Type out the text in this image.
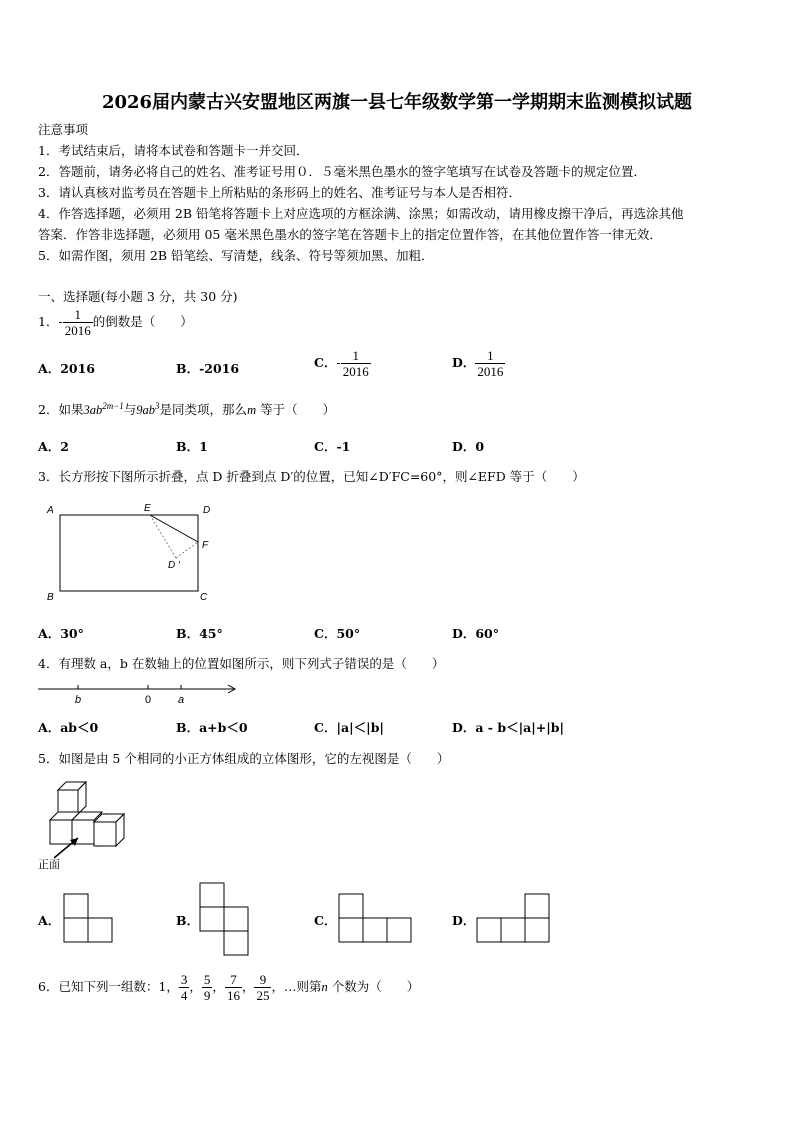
2026届内蒙古兴安盟地区两旗一县七年级数学第一学期期末监测模拟试题
注意事项
1．考试结束后，请将本试卷和答题卡一并交回．
2．答题前，请务必将自己的姓名、准考证号用０．５毫米黑色墨水的签字笔填写在试卷及答题卡的规定位置．
3．请认真核对监考员在答题卡上所粘贴的条形码上的姓名、准考证号与本人是否相符．
4．作答选择题，必须用 2B 铅笔将答题卡上对应选项的方框涂满、涂黑；如需改动，请用橡皮擦干净后，再选涂其他
答案．作答非选择题，必须用 05 毫米黑色墨水的签字笔在答题卡上的指定位置作答，在其他位置作答一律无效．
5．如需作图，须用 2B 铅笔绘、写清楚，线条、符号等须加黑、加粗．
一、选择题(每小题 3 分，共 30 分)
1．- $\frac{1}{2016}$ 的倒数是（　　）
A．2016	B．-2016	C．- $\frac{1}{2016}$	D． $\frac{1}{2016}$
2．如果$3ab^{2m-1}$与$9ab^3$是同类项，那么m 等于（　　）
A．2	B．1	C．-1	D．0
3．长方形按下图所示折叠，点 D 折叠到点 D′的位置，已知∠D′FC=60°，则∠EFD 等于（　　）
A	E	D
F
D ′
B	C
A．30°	B．45°	C．50°	D．60°
4．有理数 a，b 在数轴上的位置如图所示，则下列式子错误的是（　　）
b	0 a
A．ab＜0	B．a+b＜0	C．|a|＜|b|	D．a - b＜|a|+|b|
5．如图是由 5 个相同的小正方体组成的立体图形，它的左视图是（　　）
正面
A．	B．	C．	D．
6．已知下列一组数：1， $\frac{3}{4}$ ， $\frac{5}{9}$ ， $\frac{7}{16}$ ， $\frac{9}{25}$ ，…则第n 个数为（　　）
